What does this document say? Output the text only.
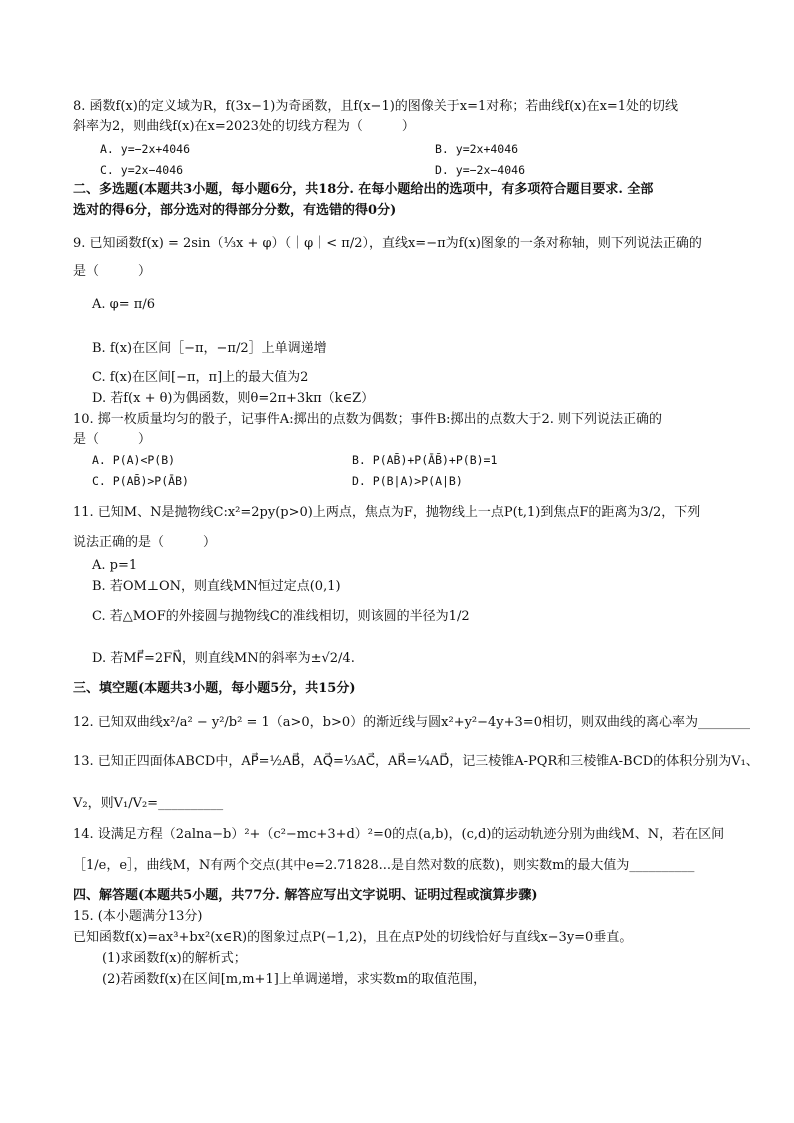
8. 函数f(x)的定义域为R，f(3x−1)为奇函数，且f(x−1)的图像关于x=1对称；若曲线f(x)在x=1处的切线
斜率为2，则曲线f(x)在x=2023处的切线方程为（　　　）
A. y=−2x+4046	B. y=2x+4046
C. y=2x−4046	D. y=−2x−4046
二、多选题(本题共3小题，每小题6分，共18分. 在每小题给出的选项中，有多项符合题目要求. 全部
选对的得6分，部分选对的得部分分数，有选错的得0分)
9. 已知函数f(x) = 2sin（⅓x + φ）（｜φ｜< π/2），直线x=−π为f(x)图象的一条对称轴，则下列说法正确的
是（　　　）
A. φ= π/6
B. f(x)在区间［−π，−π/2］上单调递增
C. f(x)在区间[−π，π]上的最大值为2
D. 若f(x + θ)为偶函数，则θ=2π+3kπ（k∈Z）
10. 掷一枚质量均匀的骰子，记事件A:掷出的点数为偶数；事件B:掷出的点数大于2. 则下列说法正确的
是（　　　）
A. P(A)<P(B)	B. P(AB̄)+P(ĀB̄)+P(B)=1
C. P(AB̄)>P(ĀB)	D. P(B|A)>P(A|B)
11. 已知M、N是抛物线C:x²=2py(p>0)上两点，焦点为F，抛物线上一点P(t,1)到焦点F的距离为3/2，下列
说法正确的是（　　　）
A. p=1
B. 若OM⊥ON，则直线MN恒过定点(0,1)
C. 若△MOF的外接圆与抛物线C的准线相切，则该圆的半径为1/2
D. 若MF⃗=2FN⃗，则直线MN的斜率为±√2/4.
三、填空题(本题共3小题，每小题5分，共15分)
12. 已知双曲线x²/a² − y²/b² = 1（a>0，b>0）的渐近线与圆x²+y²−4y+3=0相切，则双曲线的离心率为________
13. 已知正四面体ABCD中，AP⃗=½AB⃗，AQ⃗=⅓AC⃗，AR⃗=¼AD⃗，记三棱锥A-PQR和三棱锥A-BCD的体积分别为V₁、
V₂，则V₁/V₂=__________
14. 设满足方程（2alna−b）²+（c²−mc+3+d）²=0的点(a,b)，(c,d)的运动轨迹分别为曲线M、N，若在区间
［1/e，e］，曲线M，N有两个交点(其中e=2.71828...是自然对数的底数)，则实数m的最大值为__________
四、解答题(本题共5小题，共77分. 解答应写出文字说明、证明过程或演算步骤)
15. (本小题满分13分)
已知函数f(x)=ax³+bx²(x∈R)的图象过点P(−1,2)，且在点P处的切线恰好与直线x−3y=0垂直。
(1)求函数f(x)的解析式；
(2)若函数f(x)在区间[m,m+1]上单调递增，求实数m的取值范围，
